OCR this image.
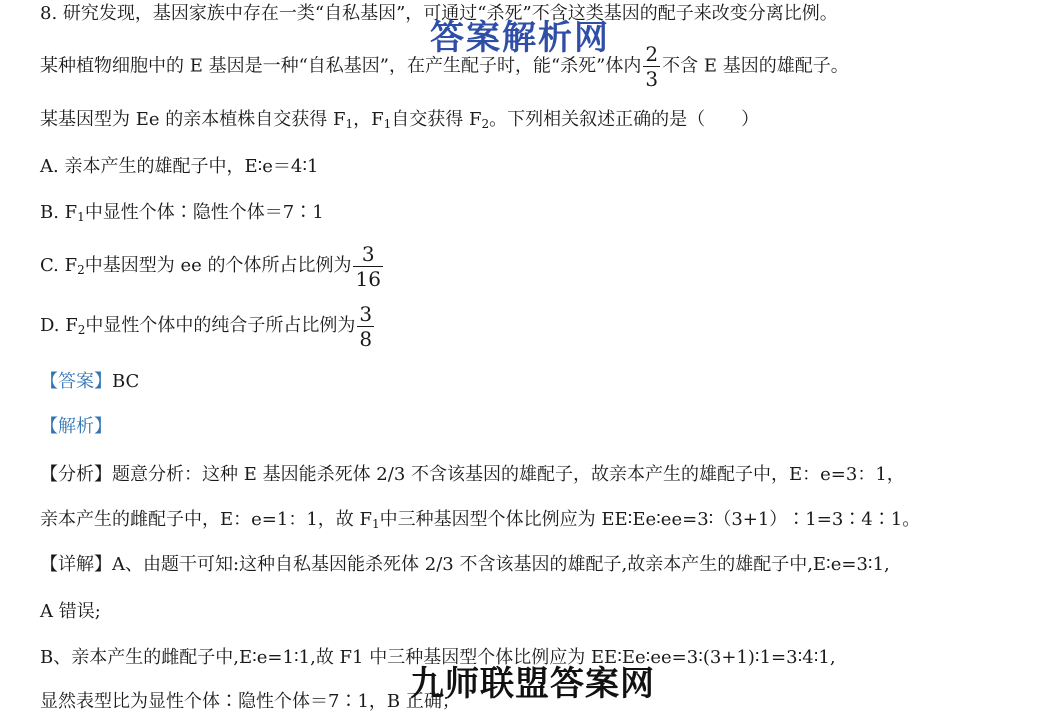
8. 研究发现，基因家族中存在一类“自私基因”，可通过“杀死”不含这类基因的配子来改变分离比例。
某种植物细胞中的 E 基因是一种“自私基因”，在产生配子时，能“杀死”体内 $\frac{2}{3}$ 不含 E 基因的雄配子。
某基因型为 Ee 的亲本植株自交获得 $F_1$，$F_1$自交获得 $F_2$。下列相关叙述正确的是（　　）
A. 亲本产生的雄配子中，E∶e＝4∶1
B. $F_1$中显性个体∶隐性个体＝7∶1
C. $F_2$中基因型为 ee 的个体所占比例为 $\frac{3}{16}$
D. $F_2$中显性个体中的纯合子所占比例为 $\frac{3}{8}$
【答案】BC
【解析】
【分析】题意分析：这种 E 基因能杀死体 2/3 不含该基因的雄配子，故亲本产生的雄配子中，E：e=3：1，
亲本产生的雌配子中，E：e=1：1，故 $F_1$中三种基因型个体比例应为 EE∶Ee∶ee=3∶（3+1）∶1=3∶4∶1。
【详解】A、由题干可知:这种自私基因能杀死体 2/3 不含该基因的雄配子,故亲本产生的雄配子中,E∶e=3∶1,
A 错误;
B、亲本产生的雌配子中,E∶e=1∶1,故 F1 中三种基因型个体比例应为 EE∶Ee∶ee=3∶(3+1)∶1=3∶4∶1,
显然表型比为显性个体∶隐性个体＝7∶1，B 正确；
答案解析网
九师联盟答案网
